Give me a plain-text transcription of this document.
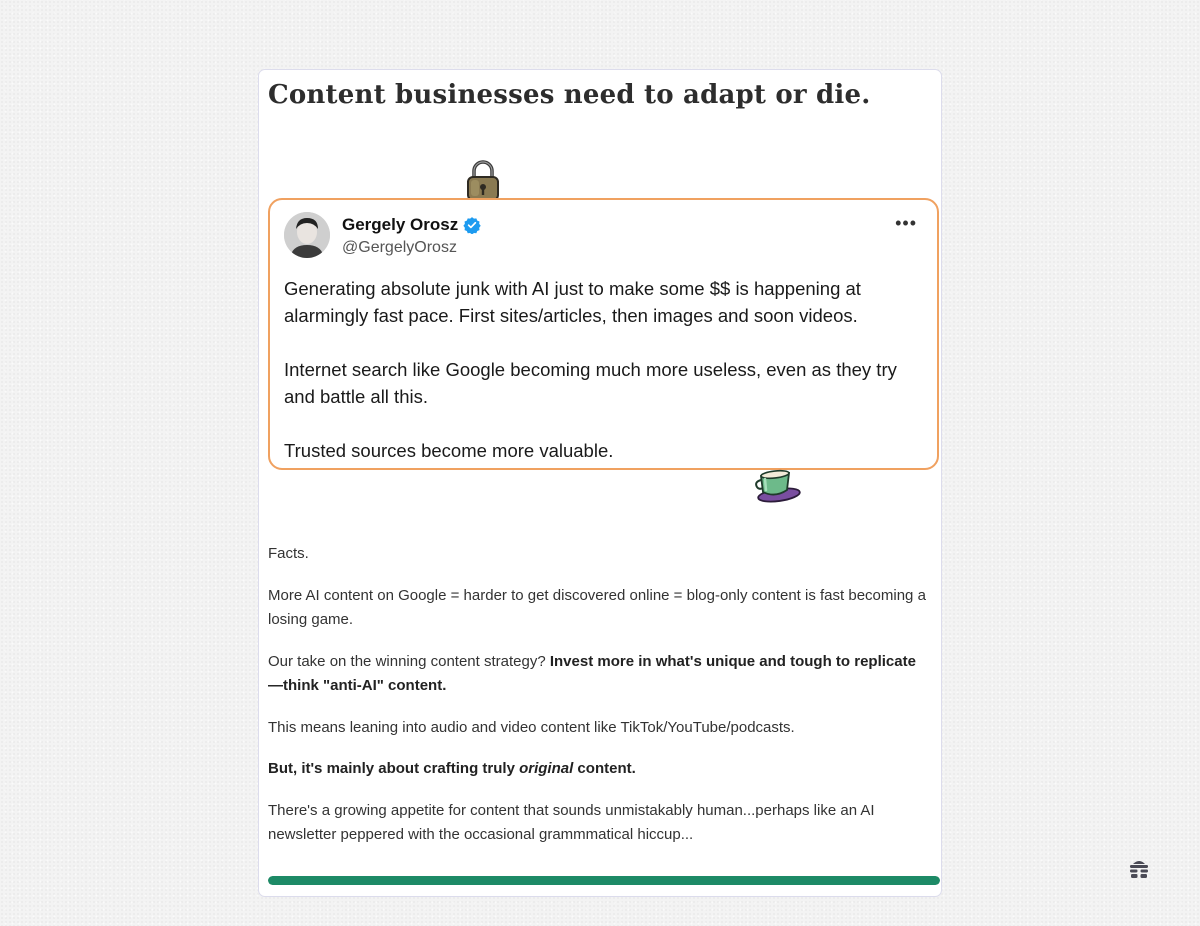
Content businesses need to adapt or die.
Gergely Orosz
@GergelyOrosz
•••

Generating absolute junk with AI just to make some $$ is happening at alarmingly fast pace. First sites/articles, then images and soon videos.

Internet search like Google becoming much more useless, even as they try and battle all this.

Trusted sources become more valuable.

Facts.

More AI content on Google = harder to get discovered online = blog-only content is fast becoming a losing game.

Our take on the winning content strategy? Invest more in what's unique and tough to replicate—think "anti-AI" content.

This means leaning into audio and video content like TikTok/YouTube/podcasts.

But, it's mainly about crafting truly original content.

There's a growing appetite for content that sounds unmistakably human...perhaps like an AI newsletter peppered with the occasional grammmatical hiccup...
